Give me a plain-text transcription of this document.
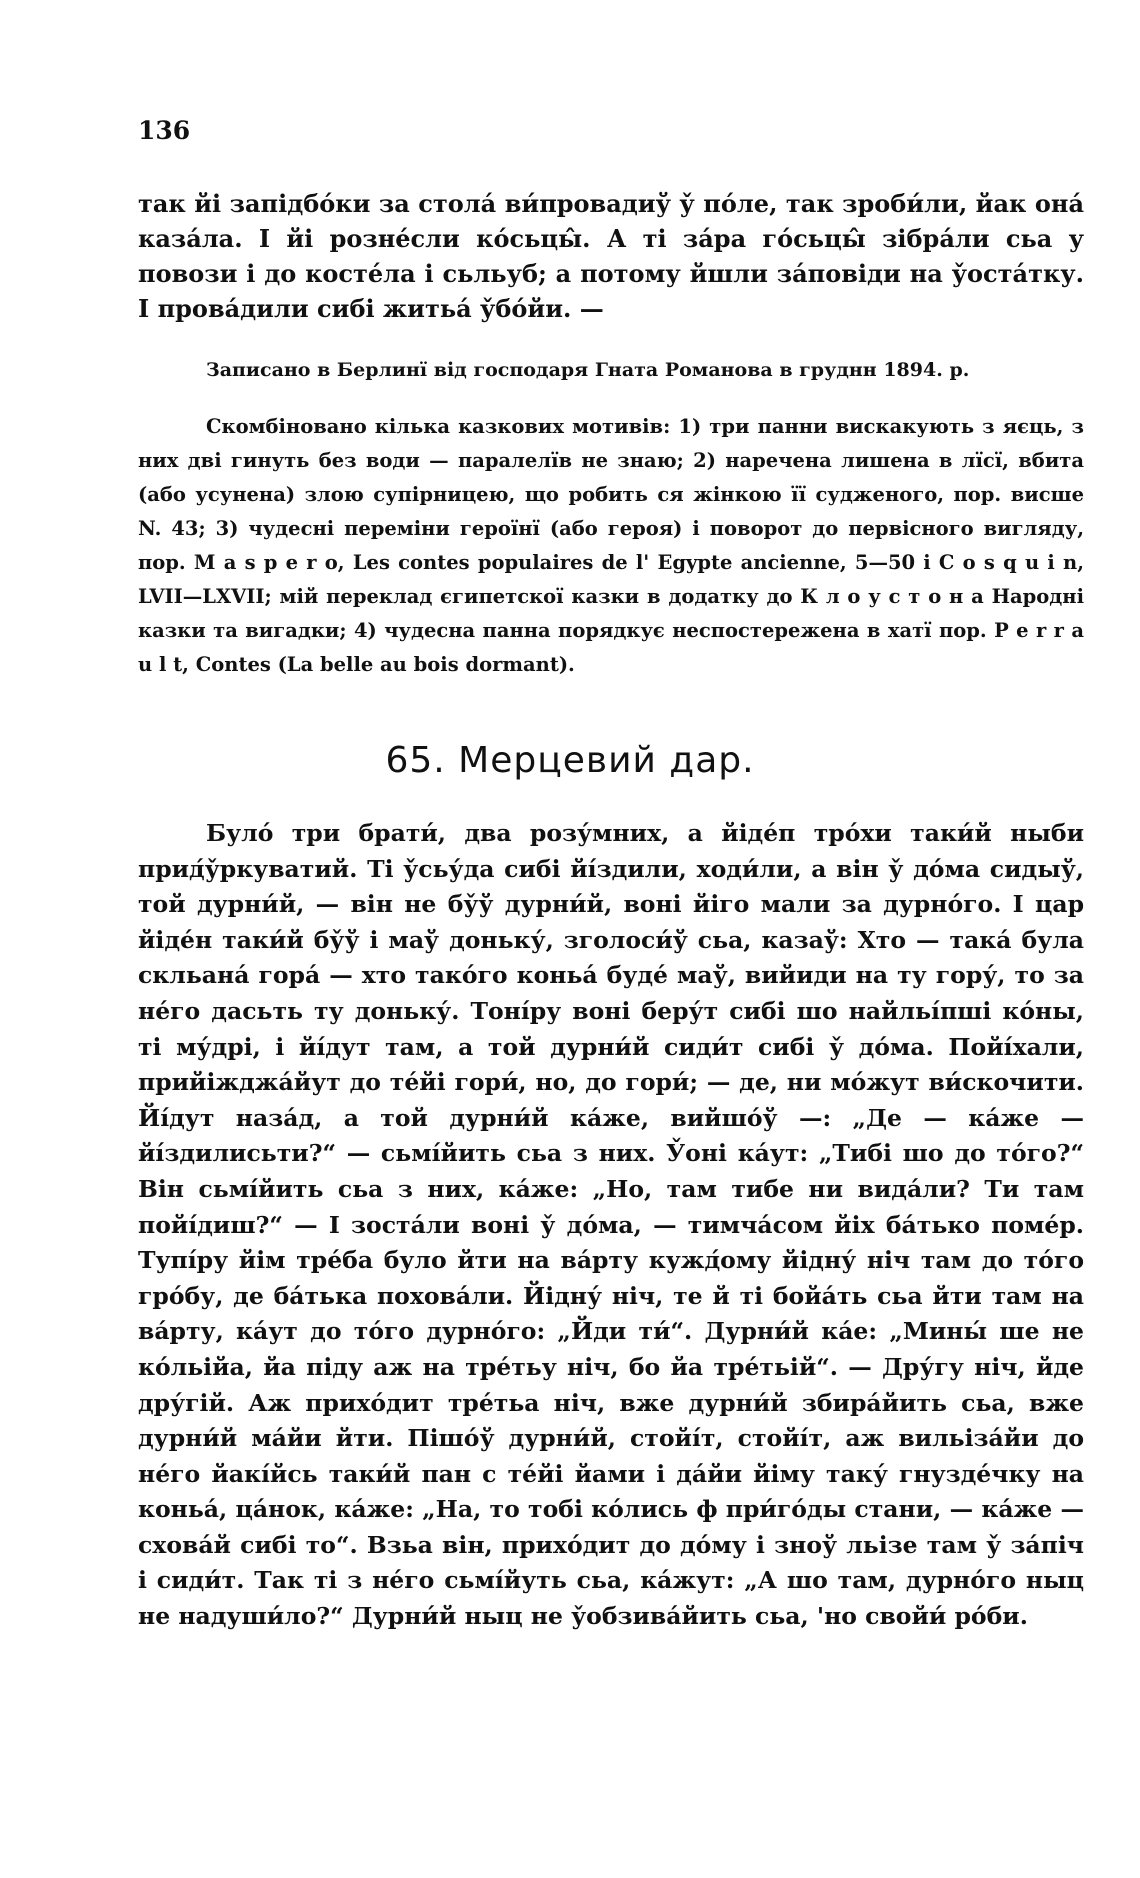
136

так йі запідбо́ки за стола́ ви́провадиў у̌ по́ле, так зроби́ли, йак она́ каза́ла. І йі розне́сли ко́сьцы̂. А ті за́ра го́сьцы̂ зібра́ли сьа у повози і до косте́ла і сьльуб; а потому йшли за́повіди на у̌оста́тку. І прова́дили сибі житьа́ у̌бо́йи. —

Записано в Берлинї від господаря Гната Романова в груднн 1894. р.

Скомбіновано кілька казкових мотивів: 1) три панни вискакують з яєць, з них дві гинуть без води — паралелїв не знаю; 2) наречена лишена в лїсї, вбита (або усунена) злою супірницею, що робить ся жінкою її судженого, пор. висше N. 43; 3) чудесні переміни героїнї (або героя) і поворот до первісного вигляду, пор. M a s p e r o, Les contes populaires de l' Egypte ancienne, 5—50 і C o s q u i n, LVII—LXVII; мій переклад єгипетскої казки в додатку до К л о у с т о н а Народні казки та вигадки; 4) чудесна панна порядкує неспостережена в хатї пор. P e r r a u l t, Contes (La belle au bois dormant).

65. Мерцевий дар.

Було́ три брати́, два розу́мних, а йіде́п тро́хи таки́й ныби прид́у̌ркуватий. Ті у̌сьу́да сибі йі́здили, ходи́ли, а він у̌ до́ма сидыў, той дурни́й, — він не бу̌ў дурни́й, воні йіго мали за дурно́го. І цар йіде́н таки́й бу̌ў і маў доньку́, зголоси́ў сьа, казаў: Хто — така́ була скльана́ гора́ — хто тако́го коньа́ буде́ маў, вийиди на ту гору́, то за не́го дасьть ту доньку́. Тоні́ру воні беру́т сибі шо найльі́пші ко́ны, ті му́дрі, і йі́дут там, а той дурни́й сиди́т сибі у̌ до́ма. Пойі́хали, прийіжджа́йут до те́йі гори́, но, до гори́; — де, ни мо́жут ви́скочити. Йі́дут наза́д, а той дурни́й ка́же, вийшо́ў —: „Де — ка́же — йі́здилисьти?“ — сьмі́йить сьа з них. У̌оні ка́ут: „Тибі шо до то́го?“ Він сьмі́йить сьа з них, ка́же: „Но, там тибе ни вида́ли? Ти там пойі́диш?“ — І зоста́ли воні у̌ до́ма, — тимча́сом йіх ба́тько поме́р. Тупі́ру йім тре́ба було йти на ва́рту кужд́ому йідну́ ніч там до то́го гро́бу, де ба́тька похова́ли. Йідну́ ніч, те й ті бойа́ть сьа йти там на ва́рту, ка́ут до то́го дурно́го: „Йди ти́“. Дурни́й ка́е: „Мины́ ше не ко́льійа, йа піду аж на тре́тьу ніч, бо йа тре́тьій“. — Дру́гу ніч, йде дру́гій. Аж прихо́дит тре́тьа ніч, вже дурни́й збира́йить сьа, вже дурни́й ма́йи йти. Пішо́ў дурни́й, стойі́т, стойі́т, аж вильіза́йи до не́го йакі́йсь таки́й пан с те́йі йами і да́йи йіму таку́ гнузде́чку на коньа́, ца́нок, ка́же: „На, то тобі ко́лись ф при́го́ды стани, — ка́же — схова́й сибі то“. Взьа він, прихо́дит до до́му і зноў льізе там у̌ за́піч і сиди́т. Так ті з не́го сьмі́йуть сьа, ка́жут: „А шо там, дурно́го ныц не надуши́ло?“ Дурни́й ныц не у̌обзива́йить сьа, 'но свойи́ ро́би.
